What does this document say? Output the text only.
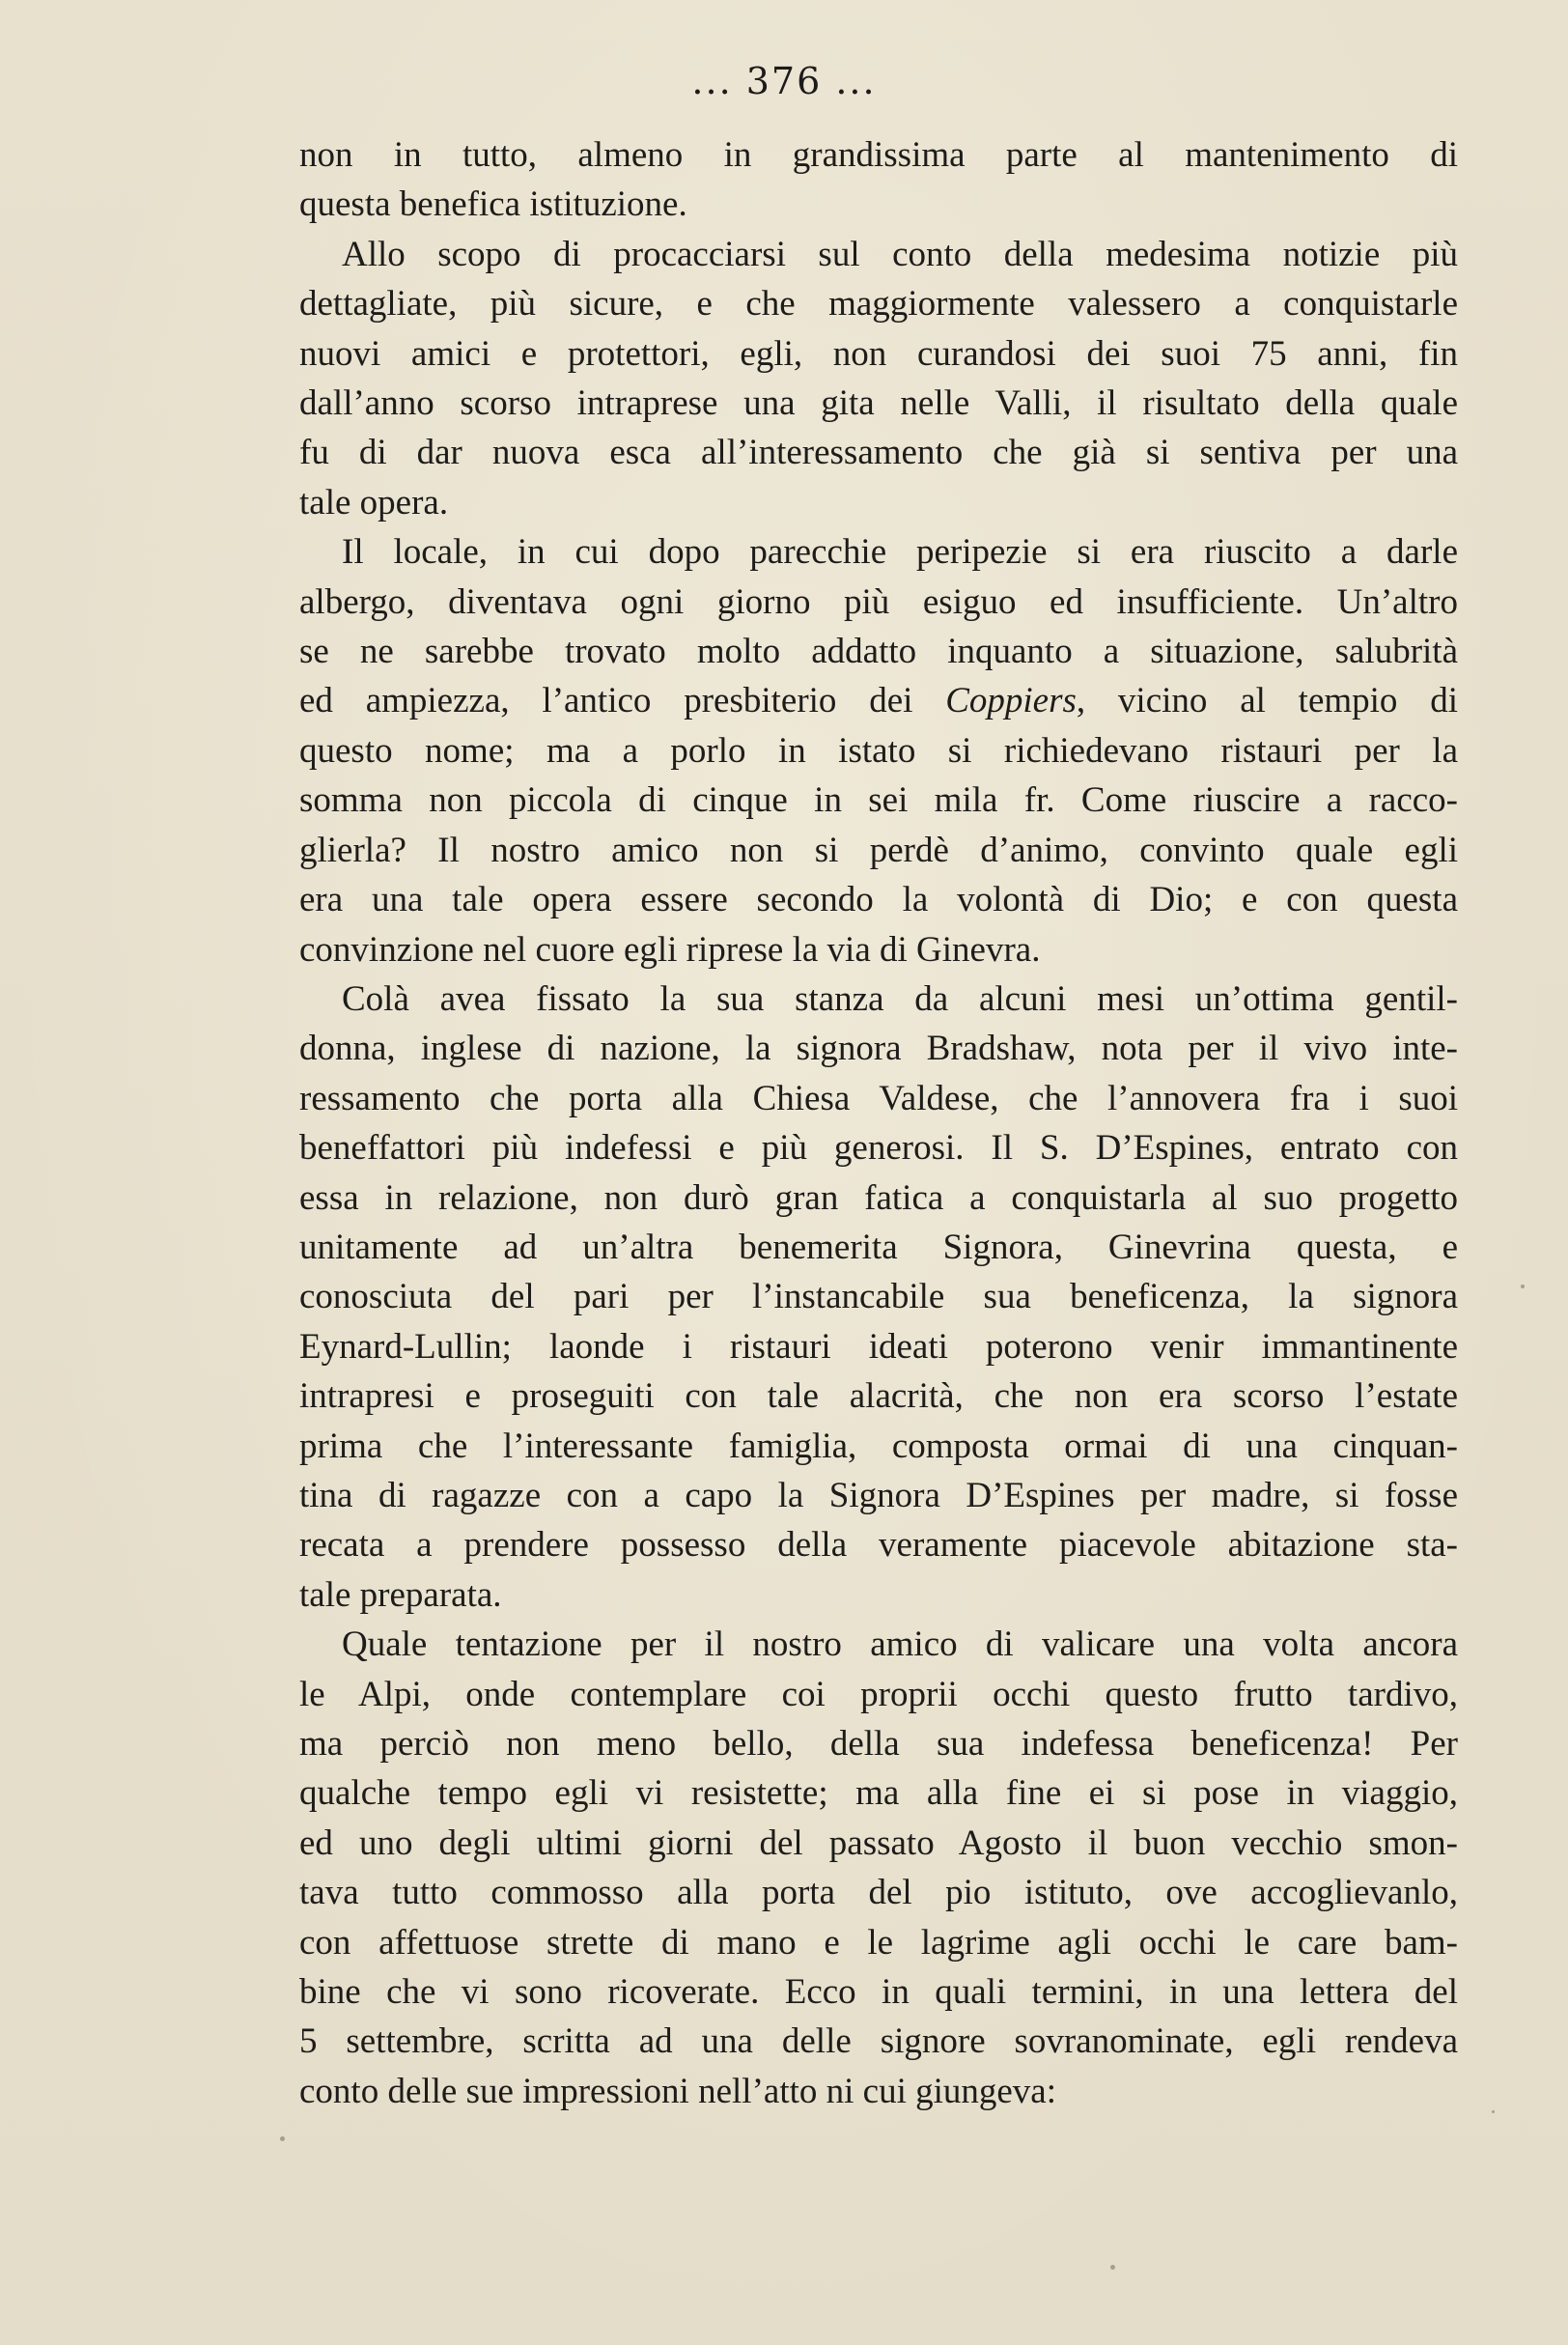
... 376 ...

non in tutto, almeno in grandissima parte al mantenimento di
questa benefica istituzione.

Allo scopo di procacciarsi sul conto della medesima notizie più
dettagliate, più sicure, e che maggiormente valessero a conquistarle
nuovi amici e protettori, egli, non curandosi dei suoi 75 anni, fin
dall’anno scorso intraprese una gita nelle Valli, il risultato della quale
fu di dar nuova esca all’interessamento che già si sentiva per una
tale opera.

Il locale, in cui dopo parecchie peripezie si era riuscito a darle
albergo, diventava ogni giorno più esiguo ed insufficiente. Un’altro
se ne sarebbe trovato molto addatto inquanto a situazione, salubrità
ed ampiezza, l’antico presbiterio dei Coppiers, vicino al tempio di
questo nome; ma a porlo in istato si richiedevano ristauri per la
somma non piccola di cinque in sei mila fr. Come riuscire a racco-
glierla? Il nostro amico non si perdè d’animo, convinto quale egli
era una tale opera essere secondo la volontà di Dio; e con questa
convinzione nel cuore egli riprese la via di Ginevra.

Colà avea fissato la sua stanza da alcuni mesi un’ottima gentil-
donna, inglese di nazione, la signora Bradshaw, nota per il vivo inte-
ressamento che porta alla Chiesa Valdese, che l’annovera fra i suoi
beneffattori più indefessi e più generosi. Il S. D’Espines, entrato con
essa in relazione, non durò gran fatica a conquistarla al suo progetto
unitamente ad un’altra benemerita Signora, Ginevrina questa, e
conosciuta del pari per l’instancabile sua beneficenza, la signora
Eynard-Lullin; laonde i ristauri ideati poterono venir immantinente
intrapresi e proseguiti con tale alacrità, che non era scorso l’estate
prima che l’interessante famiglia, composta ormai di una cinquan-
tina di ragazze con a capo la Signora D’Espines per madre, si fosse
recata a prendere possesso della veramente piacevole abitazione sta-
tale preparata.

Quale tentazione per il nostro amico di valicare una volta ancora
le Alpi, onde contemplare coi proprii occhi questo frutto tardivo,
ma perciò non meno bello, della sua indefessa beneficenza! Per
qualche tempo egli vi resistette; ma alla fine ei si pose in viaggio,
ed uno degli ultimi giorni del passato Agosto il buon vecchio smon-
tava tutto commosso alla porta del pio istituto, ove accoglievanlo,
con affettuose strette di mano e le lagrime agli occhi le care bam-
bine che vi sono ricoverate. Ecco in quali termini, in una lettera del
5 settembre, scritta ad una delle signore sovranominate, egli rendeva
conto delle sue impressioni nell’atto ni cui giungeva:
